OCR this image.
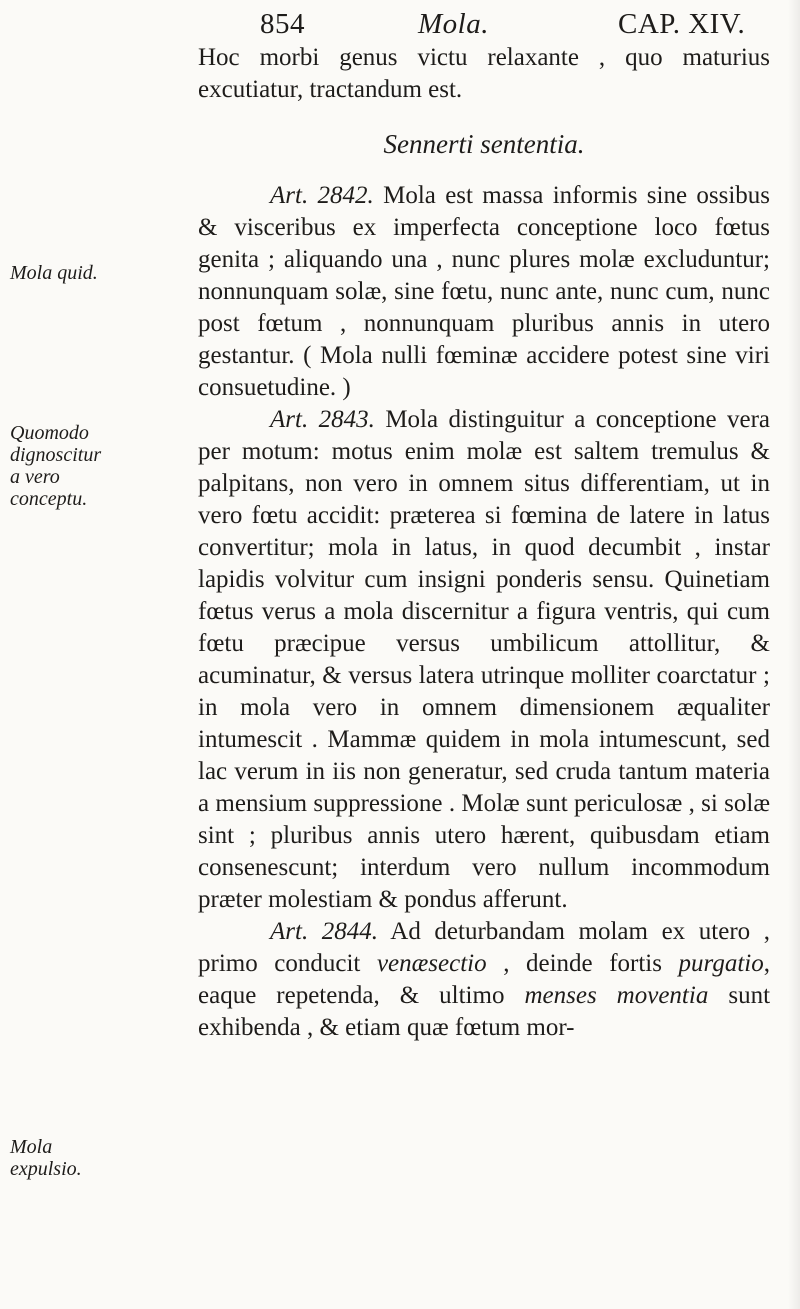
854	Mola.	CAP. XIV.

Hoc morbi genus victu relaxante , quo maturius excutiatur, tractandum est.

Sennerti sententia.

Art. 2842. Mola est massa informis sine ossibus & visceribus ex imperfecta conceptione loco fœtus genita ; aliquando una , nunc plures molæ excluduntur; nonnunquam solæ, sine fœtu, nunc ante, nunc cum, nunc post fœtum , nonnunquam pluribus annis in utero gestantur. ( Mola nulli fœminæ accidere potest sine viri consuetudine. )

Art. 2843. Mola distinguitur a conceptione vera per motum: motus enim molæ est saltem tremulus & palpitans, non vero in omnem situs differentiam, ut in vero fœtu accidit: præterea si fœmina de latere in latus convertitur; mola in latus, in quod decumbit , instar lapidis volvitur cum insigni ponderis sensu. Quinetiam fœtus verus a mola discernitur a figura ventris, qui cum fœtu præcipue versus umbilicum attollitur, & acuminatur, & versus latera utrinque molliter coarctatur ; in mola vero in omnem dimensionem æqualiter intumescit . Mammæ quidem in mola intumescunt, sed lac verum in iis non generatur, sed cruda tantum materia a mensium suppressione . Molæ sunt periculosæ , si solæ sint ; pluribus annis utero hærent, quibusdam etiam consenescunt; interdum vero nullum incommodum præter molestiam & pondus afferunt.

Art. 2844. Ad deturbandam molam ex utero , primo conducit venæsectio , deinde fortis purgatio, eaque repetenda, & ultimo menses moventia sunt exhibenda , & etiam quæ fœtum mor-

Mola quid.
Quomodo dignoscitur a vero conceptu.
Mola expulsio.
